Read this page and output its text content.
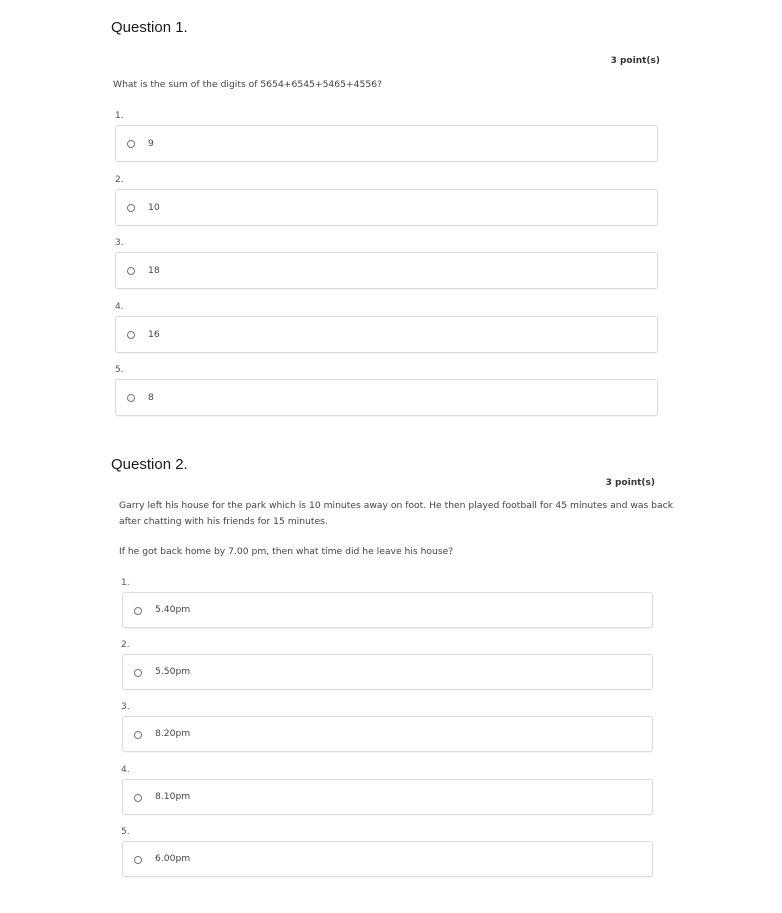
Question 1.
3 point(s)

What is the sum of the digits of 5654+6545+5465+4556?

1.
9
2.
10
3.
18
4.
16
5.
8
Question 2.
3 point(s)

Garry left his house for the park which is 10 minutes away on foot. He then played football for 45 minutes and was back

after chatting with his friends for 15 minutes.

If he got back home by 7.00 pm, then what time did he leave his house?

1.
5.40pm
2.
5.50pm
3.
8.20pm
4.
8.10pm
5.
6.00pm
